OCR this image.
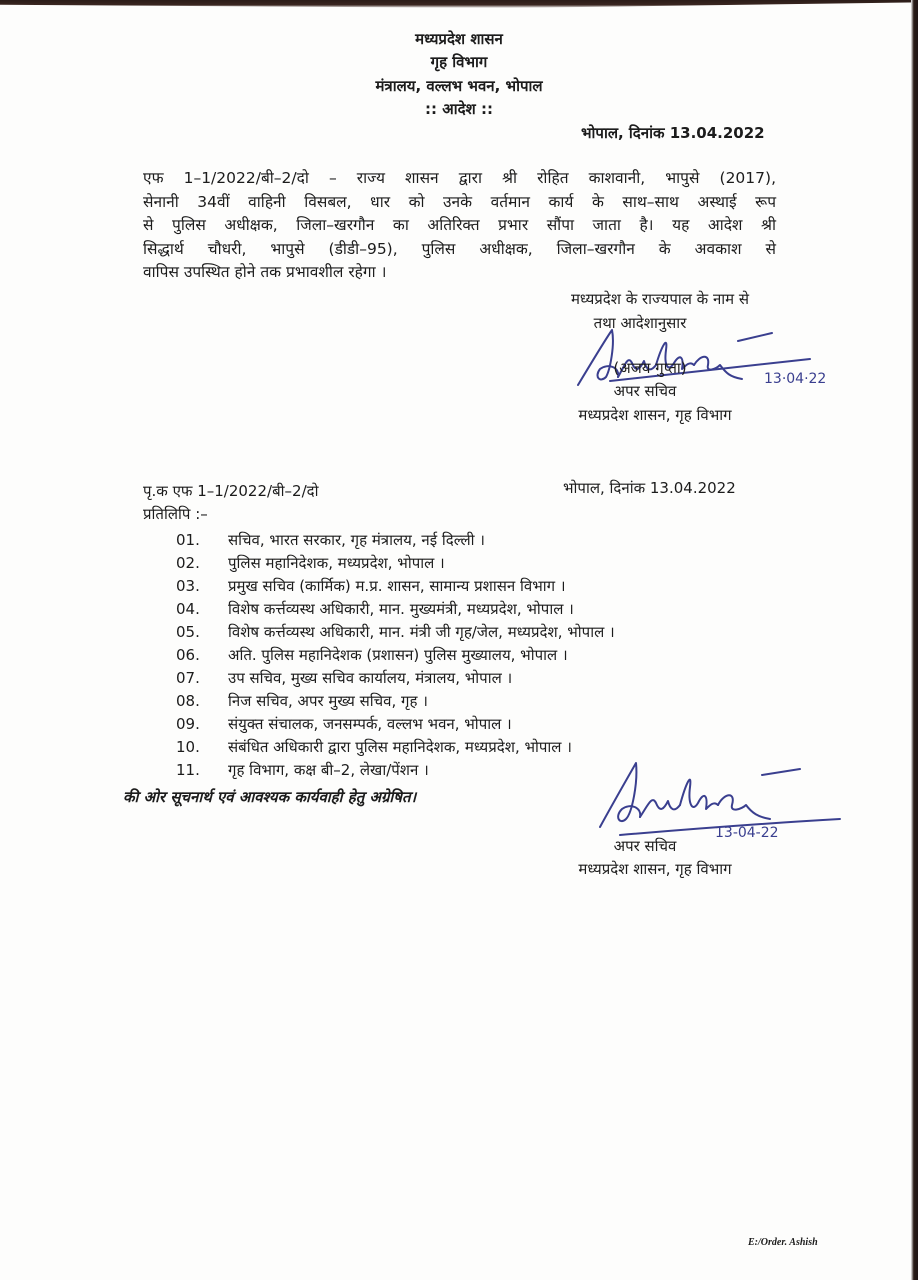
मध्यप्रदेश शासन
गृह विभाग
मंत्रालय, वल्लभ भवन, भोपाल
:: आदेश ::
भोपाल, दिनांक 13.04.2022
एफ 1–1/2022/बी–2/दो – राज्य शासन द्वारा श्री रोहित काशवानी, भापुसे (2017),
सेनानी 34वीं वाहिनी विसबल, धार को उनके वर्तमान कार्य के साथ–साथ अस्थाई रूप
से पुलिस अधीक्षक, जिला–खरगौन का अतिरिक्त प्रभार सौंपा जाता है। यह आदेश श्री
सिद्धार्थ चौधरी, भापुसे (डीडी–95), पुलिस अधीक्षक, जिला–खरगौन के अवकाश से
वापिस उपस्थित होने तक प्रभावशील रहेगा ।
मध्यप्रदेश के राज्यपाल के नाम से
तथा आदेशानुसार
13·04·22
(अजय गुप्ता)
अपर सचिव
मध्यप्रदेश शासन, गृह विभाग
पृ.क एफ 1–1/2022/बी–2/दो	भोपाल, दिनांक 13.04.2022
प्रतिलिपि :–
01. सचिव, भारत सरकार, गृह मंत्रालय, नई दिल्ली ।
02. पुलिस महानिदेशक, मध्यप्रदेश, भोपाल ।
03. प्रमुख सचिव (कार्मिक) म.प्र. शासन, सामान्य प्रशासन विभाग ।
04. विशेष कर्त्तव्यस्थ अधिकारी, मान. मुख्यमंत्री, मध्यप्रदेश, भोपाल ।
05. विशेष कर्त्तव्यस्थ अधिकारी, मान. मंत्री जी गृह/जेल, मध्यप्रदेश, भोपाल ।
06. अति. पुलिस महानिदेशक (प्रशासन) पुलिस मुख्यालय, भोपाल ।
07. उप सचिव, मुख्य सचिव कार्यालय, मंत्रालय, भोपाल ।
08. निज सचिव, अपर मुख्य सचिव, गृह ।
09. संयुक्त संचालक, जनसम्पर्क, वल्लभ भवन, भोपाल ।
10. संबंधित अधिकारी द्वारा पुलिस महानिदेशक, मध्यप्रदेश, भोपाल ।
11. गृह विभाग, कक्ष बी–2, लेखा/पेंशन ।
की ओर सूचनार्थ एवं आवश्यक कार्यवाही हेतु अग्रेषित।
13-04-22
अपर सचिव
मध्यप्रदेश शासन, गृह विभाग
E:/Order. Ashish
